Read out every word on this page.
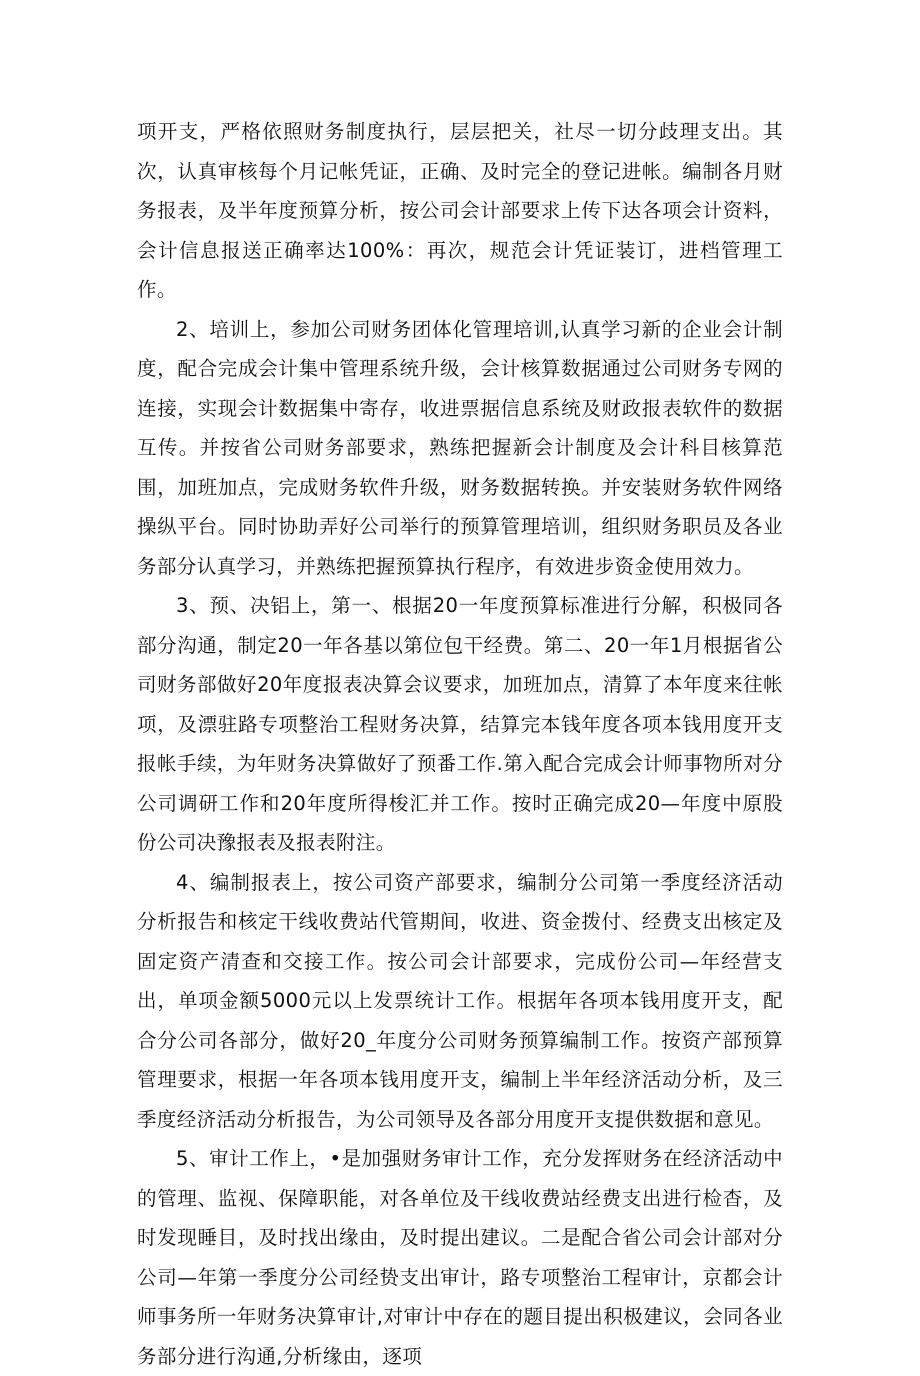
项开支，严格依照财务制度执行，层层把关，社尽一切分歧理支出。其次，认真审核每个月记帐凭证，正确、及时完全的登记进帐。编制各月财务报表，及半年度预算分析，按公司会计部要求上传下达各项会计资料，会计信息报送正确率达100%：再次，规范会计凭证装订，进档管理工作。

2、培训上，参加公司财务团体化管理培训,认真学习新的企业会计制度，配合完成会计集中管理系统升级，会计核算数据通过公司财务专网的连接，实现会计数据集中寄存，收进票据信息系统及财政报表软件的数据互传。并按省公司财务部要求，熟练把握新会计制度及会计科目核算范围，加班加点，完成财务软件升级，财务数据转换。并安装财务软件网络操纵平台。同时协助弄好公司举行的预算管理培训，组织财务职员及各业务部分认真学习，并熟练把握预算执行程序，有效进步资金使用效力。

3、预、决铝上，第一、根据20一年度预算标准进行分解，积极同各部分沟通，制定20一年各基以第位包干经费。第二、20一年1月根据省公司财务部做好20年度报表决算会议要求，加班加点，清算了本年度来往帐项，及漂驻路专项整治工程财务决算，结算完本钱年度各项本钱用度开支报帐手续，为年财务决算做好了预番工作.第入配合完成会计师事物所对分公司调研工作和20年度所得梭汇并工作。按时正确完成20—年度中原股份公司决豫报表及报表附注。

4、编制报表上，按公司资产部要求，编制分公司第一季度经济活动分析报告和核定干线收费站代管期间，收进、资金拨付、经费支出核定及固定资产清查和交接工作。按公司会计部要求，完成份公司—年经营支出，单项金额5000元以上发票统计工作。根据年各项本钱用度开支，配合分公司各部分，做好20_年度分公司财务预算编制工作。按资产部预算管理要求，根据一年各项本钱用度开支，编制上半年经济活动分析，及三季度经济活动分析报告，为公司领导及各部分用度开支提供数据和意见。

5、审计工作上，•是加强财务审计工作，充分发挥财务在经济活动中的管理、监视、保障职能，对各单位及干线收费站经费支出进行检杳，及时发现睡目，及时找出缘由，及时提出建议。二是配合省公司会计部对分公司—年第一季度分公司经贽支出审计，路专项整治工程审计，京都会计师事务所一年财务决算审计,对审计中存在的题目提出积极建议，会同各业务部分进行沟通,分析缘由，逐项
